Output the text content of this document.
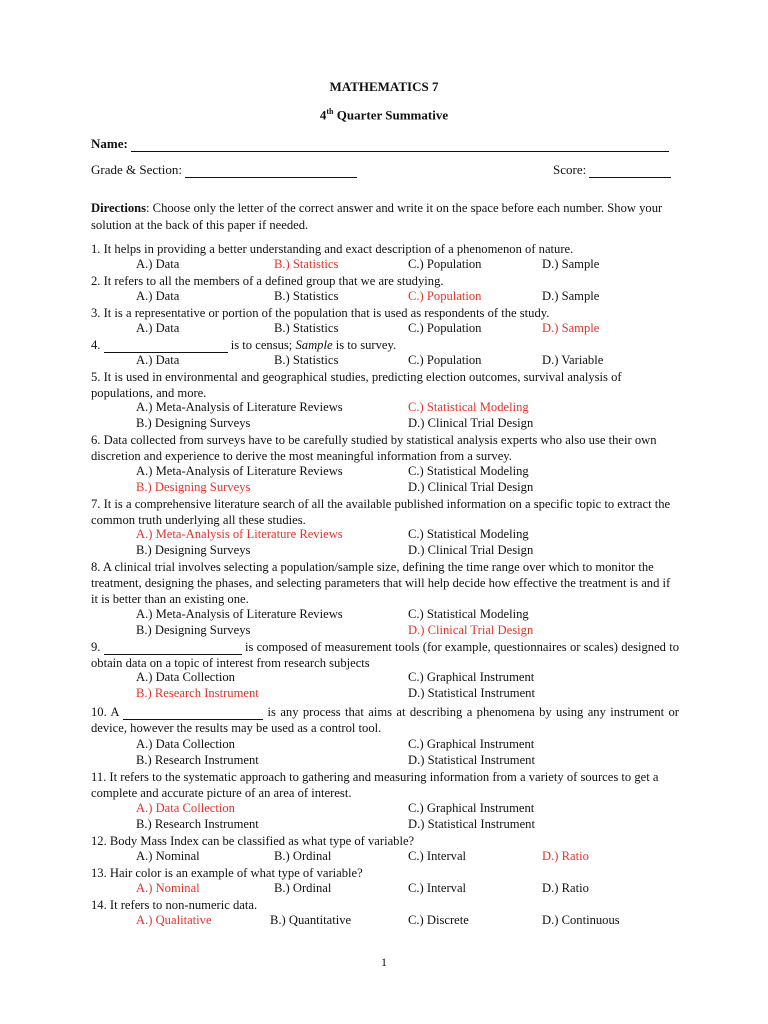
MATHEMATICS 7
4th Quarter Summative
Name:
Grade & Section:	Score:
Directions: Choose only the letter of the correct answer and write it on the space before each number. Show your solution at the back of this paper if needed.
1. It helps in providing a better understanding and exact description of a phenomenon of nature.
A.) Data	B.) Statistics	C.) Population	D.) Sample
2. It refers to all the members of a defined group that we are studying.
A.) Data	B.) Statistics	C.) Population	D.) Sample
3. It is a representative or portion of the population that is used as respondents of the study.
A.) Data	B.) Statistics	C.) Population	D.) Sample
4.	is to census; Sample is to survey.
A.) Data	B.) Statistics	C.) Population	D.) Variable
5. It is used in environmental and geographical studies, predicting election outcomes, survival analysis of populations, and more.
A.) Meta-Analysis of Literature Reviews
B.) Designing Surveys
C.) Statistical Modeling
D.) Clinical Trial Design
6. Data collected from surveys have to be carefully studied by statistical analysis experts who also use their own discretion and experience to derive the most meaningful information from a survey.
A.) Meta-Analysis of Literature Reviews
B.) Designing Surveys
C.) Statistical Modeling
D.) Clinical Trial Design
7. It is a comprehensive literature search of all the available published information on a specific topic to extract the common truth underlying all these studies.
A.) Meta-Analysis of Literature Reviews
B.) Designing Surveys
C.) Statistical Modeling
D.) Clinical Trial Design
8. A clinical trial involves selecting a population/sample size, defining the time range over which to monitor the treatment, designing the phases, and selecting parameters that will help decide how effective the treatment is and if it is better than an existing one.
A.) Meta-Analysis of Literature Reviews
B.) Designing Surveys
C.) Statistical Modeling
D.) Clinical Trial Design
9.	is composed of measurement tools (for example, questionnaires or scales) designed to obtain data on a topic of interest from research subjects
A.) Data Collection
B.) Research Instrument
C.) Graphical Instrument
D.) Statistical Instrument
10. A	is any process that aims at describing a phenomena by using any instrument or device, however the results may be used as a control tool.
A.) Data Collection
B.) Research Instrument
C.) Graphical Instrument
D.) Statistical Instrument
11. It refers to the systematic approach to gathering and measuring information from a variety of sources to get a complete and accurate picture of an area of interest.
A.) Data Collection
B.) Research Instrument
C.) Graphical Instrument
D.) Statistical Instrument
12. Body Mass Index can be classified as what type of variable?
A.) Nominal	B.) Ordinal	C.) Interval	D.) Ratio
13. Hair color is an example of what type of variable?
A.) Nominal	B.) Ordinal	C.) Interval	D.) Ratio
14. It refers to non-numeric data.
A.) Qualitative	B.) Quantitative	C.) Discrete	D.) Continuous
1
